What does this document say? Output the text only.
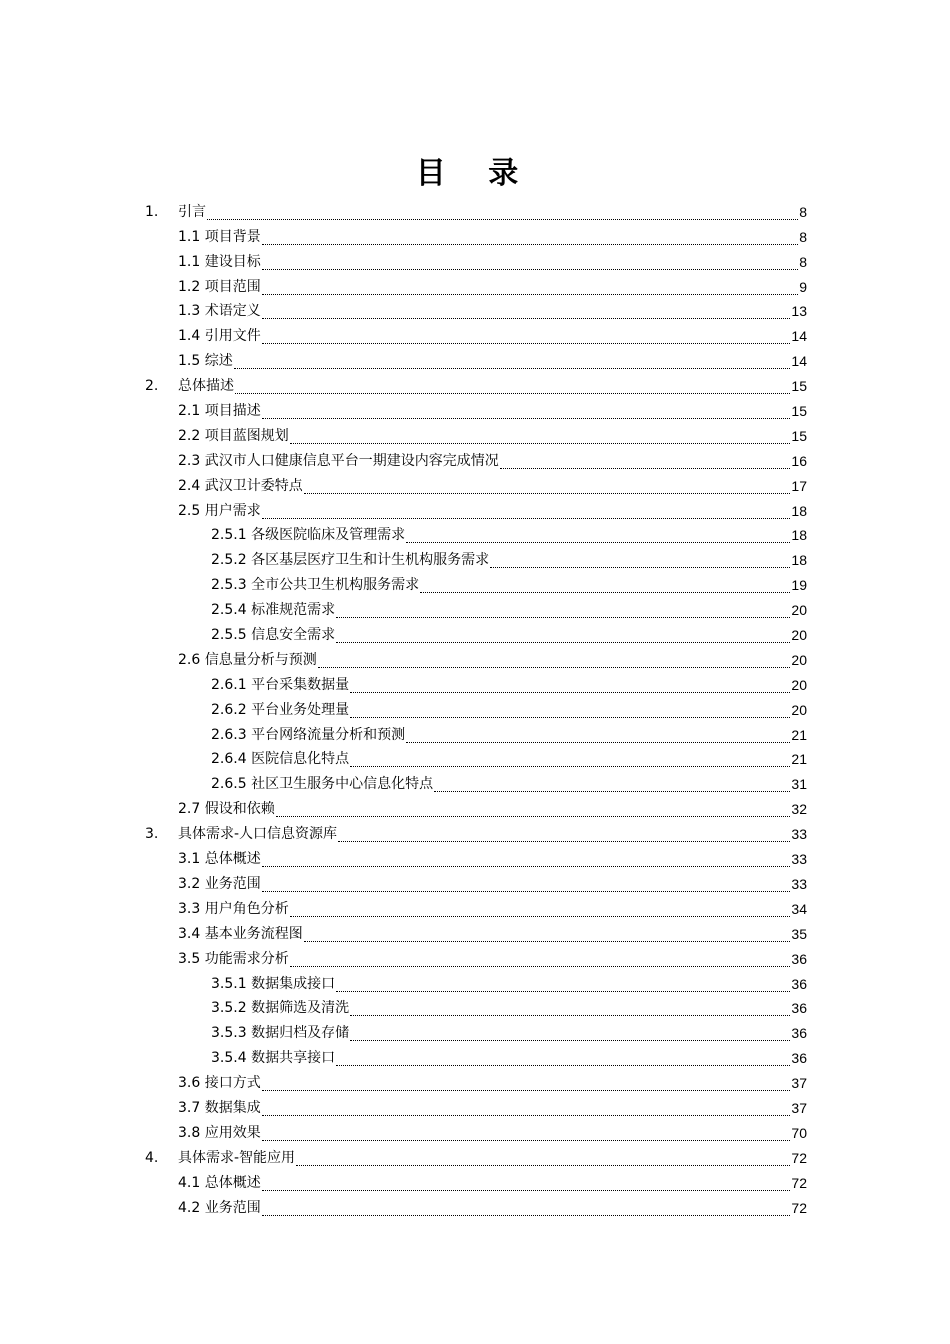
目 录
1.	引言	8
1.1 项目背景	8
1.1 建设目标	8
1.2 项目范围	9
1.3 术语定义	13
1.4 引用文件	14
1.5 综述	14
2.	总体描述	15
2.1 项目描述	15
2.2 项目蓝图规划	15
2.3 武汉市人口健康信息平台一期建设内容完成情况	16
2.4 武汉卫计委特点	17
2.5 用户需求	18
2.5.1 各级医院临床及管理需求	18
2.5.2 各区基层医疗卫生和计生机构服务需求	18
2.5.3 全市公共卫生机构服务需求	19
2.5.4 标准规范需求	20
2.5.5 信息安全需求	20
2.6 信息量分析与预测	20
2.6.1 平台采集数据量	20
2.6.2 平台业务处理量	20
2.6.3 平台网络流量分析和预测	21
2.6.4 医院信息化特点	21
2.6.5 社区卫生服务中心信息化特点	31
2.7 假设和依赖	32
3.	具体需求-人口信息资源库	33
3.1 总体概述	33
3.2 业务范围	33
3.3 用户角色分析	34
3.4 基本业务流程图	35
3.5 功能需求分析	36
3.5.1 数据集成接口	36
3.5.2 数据筛选及清洗	36
3.5.3 数据归档及存储	36
3.5.4 数据共享接口	36
3.6 接口方式	37
3.7 数据集成	37
3.8 应用效果	70
4.	具体需求-智能应用	72
4.1 总体概述	72
4.2 业务范围	72
